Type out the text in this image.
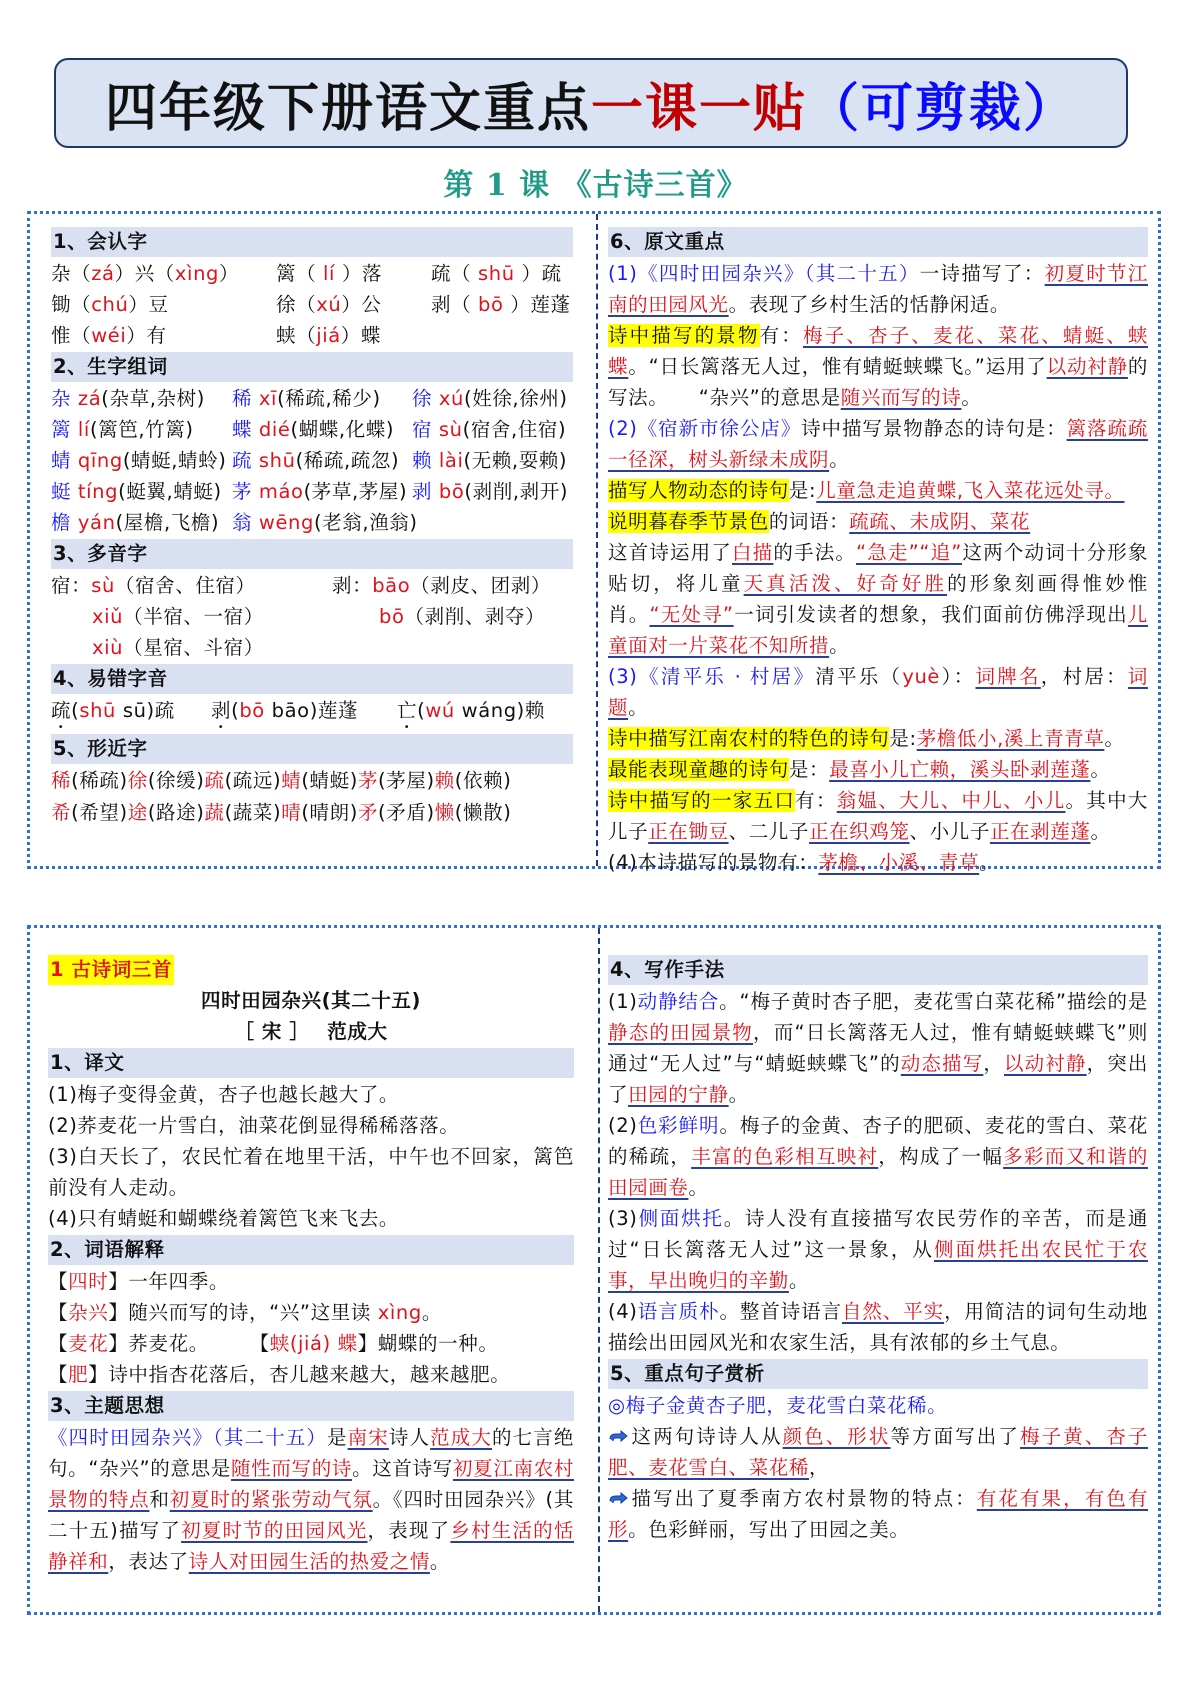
四年级下册语文重点 一课一贴 （可剪裁）
第 1 课 《古诗三首》
1、会认字
杂（zá）兴（xìng）	篱（ lí ）落	疏（ shū ）疏
锄（chú）豆	徐（xú）公	剥（ bō ）莲蓬
惟（wéi）有	蛱（jiá）蝶
2、生字组词
杂 zá(杂草,杂树)	稀 xī(稀疏,稀少)	徐 xú(姓徐,徐州)
篱 lí(篱笆,竹篱)	蝶 dié(蝴蝶,化蝶) 宿 sù(宿舍,住宿)
蜻 qīng(蜻蜓,蜻蛉) 疏 shū(稀疏,疏忽) 赖 lài(无赖,耍赖)
蜓 tíng(蜓翼,蜻蜓) 茅 máo(茅草,茅屋) 剥 bō(剥削,剥开)
檐 yán(屋檐,飞檐) 翁 wēng(老翁,渔翁)
3、多音字
宿：sù（宿舍、住宿）	剥：bāo（剥皮、团剥）
xiǔ（半宿、一宿）	bō（剥削、剥夺）
xiù（星宿、斗宿）
4、易错字音
疏(shū sū)疏	剥(bō bāo)莲蓬	亡(wú wáng)赖
5、形近字
稀(稀疏)徐(徐缓)疏(疏远)蜻(蜻蜓)茅(茅屋)赖(依赖)
希(希望)途(路途)蔬(蔬菜)晴(晴朗)矛(矛盾)懒(懒散)
6、原文重点
(1)《四时田园杂兴》（其二十五）一诗描写了：初夏时节江南的田园风光。表现了乡村生活的恬静闲适。
诗中描写的景物有：梅子、杏子、麦花、菜花、蜻蜓、蛱蝶。“日长篱落无人过，惟有蜻蜓蛱蝶飞。”运用了以动衬静的写法。　　“杂兴”的意思是随兴而写的诗。
(2)《宿新市徐公店》诗中描写景物静态的诗句是：篱落疏疏一径深，树头新绿未成阴。
描写人物动态的诗句是:儿童急走追黄蝶,飞入菜花远处寻。
说明暮春季节景色的词语：疏疏、未成阴、菜花
这首诗运用了白描的手法。“急走”“追”这两个动词十分形象贴切，将儿童天真活泼、好奇好胜的形象刻画得惟妙惟肖。“无处寻”一词引发读者的想象，我们面前仿佛浮现出儿童面对一片菜花不知所措。
(3)《清平乐 · 村居》清平乐（yuè）：词牌名，村居：词题。
诗中描写江南农村的特色的诗句是:茅檐低小,溪上青青草。
最能表现童趣的诗句是：最喜小儿亡赖，溪头卧剥莲蓬。
诗中描写的一家五口有：翁媪、大儿、中儿、小儿。其中大儿子正在锄豆、二儿子正在织鸡笼、小儿子正在剥莲蓬。
(4)本诗描写的景物有：茅檐、小溪、青草。
1 古诗词三首
四时田园杂兴(其二十五)
［ 宋 ］　 范成大
1、译文
(1)梅子变得金黄，杏子也越长越大了。
(2)荞麦花一片雪白，油菜花倒显得稀稀落落。
(3)白天长了，农民忙着在地里干活，中午也不回家，篱笆前没有人走动。
(4)只有蜻蜓和蝴蝶绕着篱笆飞来飞去。
2、词语解释
【四时】一年四季。
【杂兴】随兴而写的诗，“兴”这里读 xìng。
【麦花】荞麦花。　　　【蛱(jiá) 蝶】蝴蝶的一种。
【肥】诗中指杏花落后，杏儿越来越大，越来越肥。
3、主题思想
《四时田园杂兴》（其二十五）是南宋诗人范成大的七言绝句。“杂兴”的意思是随性而写的诗。这首诗写初夏江南农村景物的特点和初夏时的紧张劳动气氛。《四时田园杂兴》(其二十五)描写了初夏时节的田园风光，表现了乡村生活的恬静祥和，表达了诗人对田园生活的热爱之情。
4、写作手法
(1)动静结合。“梅子黄时杏子肥，麦花雪白菜花稀”描绘的是静态的田园景物，而“日长篱落无人过，惟有蜻蜓蛱蝶飞”则通过“无人过”与“蜻蜓蛱蝶飞”的动态描写，以动衬静，突出了田园的宁静。
(2)色彩鲜明。梅子的金黄、杏子的肥硕、麦花的雪白、菜花的稀疏，丰富的色彩相互映衬，构成了一幅多彩而又和谐的田园画卷。
(3)侧面烘托。诗人没有直接描写农民劳作的辛苦，而是通过“日长篱落无人过”这一景象，从侧面烘托出农民忙于农事，早出晚归的辛勤。
(4)语言质朴。整首诗语言自然、平实，用简洁的词句生动地描绘出田园风光和农家生活，具有浓郁的乡土气息。
5、重点句子赏析
◎梅子金黄杏子肥，麦花雪白菜花稀。
这两句诗诗人从颜色、形状等方面写出了梅子黄、杏子肥、麦花雪白、菜花稀，
描写出了夏季南方农村景物的特点：有花有果，有色有形。色彩鲜丽，写出了田园之美。
